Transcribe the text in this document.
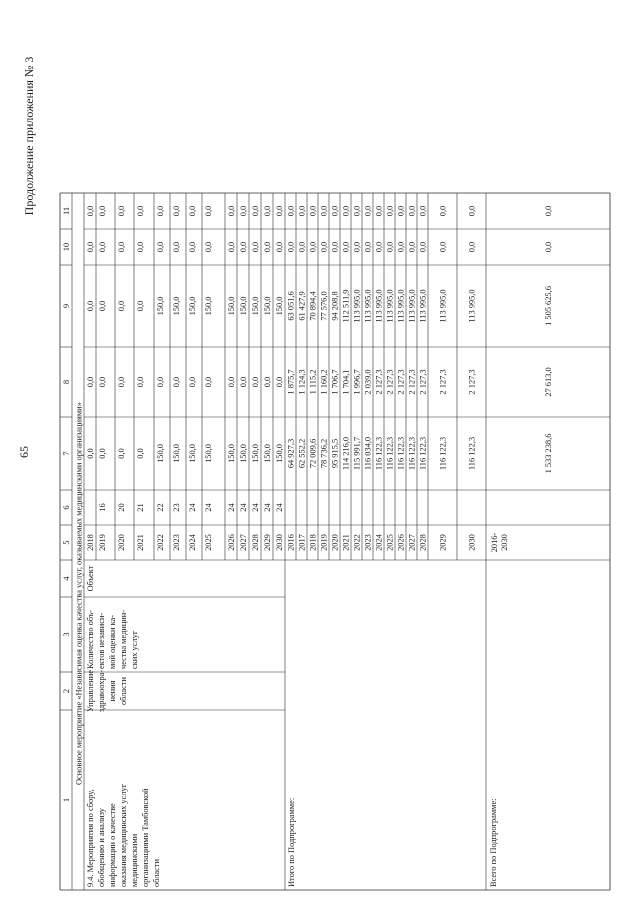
65
Продолжение приложения № 3
1
2
3
4
5
6
7
8
9
10
11
Основное мероприятие «Независимая оценка качества услуг, оказываемых медицинскими организациями»
9.4. Мероприятия по сбору, обобщению и анализу информации о качестве оказания медицинских услуг медицинскими организациями Тамбовской области
Управление здравоохра- нения области
Количество объ- ектов независи- мой оценки ка- чества медицин- ских услуг
Объект
2018
0,0
0,0
0,0
0,0
0,0
2019
16
0,0
0,0
0,0
0,0
0,0
2020
20
0,0
0,0
0,0
0,0
0,0
2021
21
0,0
0,0
0,0
0,0
0,0
2022
22
150,0
0,0
150,0
0,0
0,0
2023
23
150,0
0,0
150,0
0,0
0,0
2024
24
150,0
0,0
150,0
0,0
0,0
2025
24
150,0
0,0
150,0
0,0
0,0
2026
24
150,0
0,0
150,0
0,0
0,0
2027
24
150,0
0,0
150,0
0,0
0,0
2028
24
150,0
0,0
150,0
0,0
0,0
2029
24
150,0
0,0
150,0
0,0
0,0
2030
24
150,0
0,0
150,0
0,0
0,0
Итого по Подпрограмме:
2016
64 927,3
1 875,7
63 051,6
0,0
0,0
2017
62 552,2
1 124,3
61 427,9
0,0
0,0
2018
72 009,6
1 115,2
70 894,4
0,0
0,0
2019
78 736,2
1 160,2
77 576,0
0,0
0,0
2020
95 915,5
1 706,7
94 208,8
0,0
0,0
2021
114 216,0
1 704,1
112 511,9
0,0
0,0
2022
115 991,7
1 996,7
113 995,0
0,0
0,0
2023
116 034,0
2 039,0
113 995,0
0,0
0,0
2024
116 122,3
2 127,3
113 995,0
0,0
0,0
2025
116 122,3
2 127,3
113 995,0
0,0
0,0
2026
116 122,3
2 127,3
113 995,0
0,0
0,0
2027
116 122,3
2 127,3
113 995,0
0,0
0,0
2028
116 122,3
2 127,3
113 995,0
0,0
0,0
2029
116 122,3
2 127,3
113 995,0
0,0
0,0
2030
116 122,3
2 127,3
113 995,0
0,0
0,0
Всего по Подпрограмме:
2016- 2030
1 533 238,6
27 613,0
1 505 625,6
0,0
0,0
